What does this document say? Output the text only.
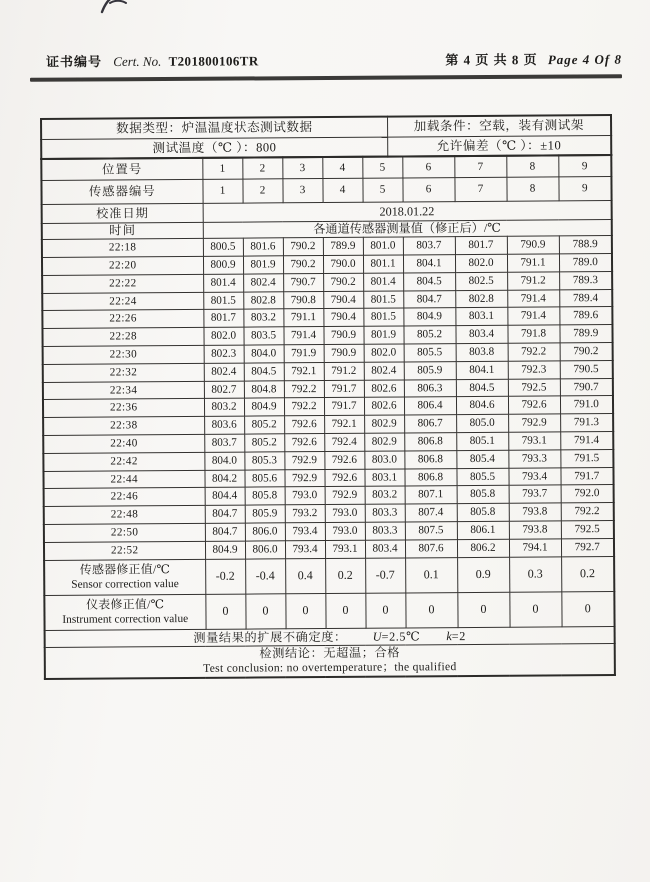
证书编号 Cert. No. T201800106TR	第 4 页 共 8 页 Page 4 Of 8
数据类型：炉温温度状态测试数据	加载条件：空载，装有测试架
测试温度（℃ ）：800	允许偏差（℃ ）：±10
位置号	1	2	3	4	5	6	7	8	9
传感器编号	1	2	3	4	5	6	7	8	9
校准日期	2018.01.22								
时间	各通道传感器测量值（修正后）/℃								
22:18	800.5	801.6	790.2	789.9	801.0	803.7	801.7	790.9	788.9
22:20	800.9	801.9	790.2	790.0	801.1	804.1	802.0	791.1	789.0
22:22	801.4	802.4	790.7	790.2	801.4	804.5	802.5	791.2	789.3
22:24	801.5	802.8	790.8	790.4	801.5	804.7	802.8	791.4	789.4
22:26	801.7	803.2	791.1	790.4	801.5	804.9	803.1	791.4	789.6
22:28	802.0	803.5	791.4	790.9	801.9	805.2	803.4	791.8	789.9
22:30	802.3	804.0	791.9	790.9	802.0	805.5	803.8	792.2	790.2
22:32	802.4	804.5	792.1	791.2	802.4	805.9	804.1	792.3	790.5
22:34	802.7	804.8	792.2	791.7	802.6	806.3	804.5	792.5	790.7
22:36	803.2	804.9	792.2	791.7	802.6	806.4	804.6	792.6	791.0
22:38	803.6	805.2	792.6	792.1	802.9	806.7	805.0	792.9	791.3
22:40	803.7	805.2	792.6	792.4	802.9	806.8	805.1	793.1	791.4
22:42	804.0	805.3	792.9	792.6	803.0	806.8	805.4	793.3	791.5
22:44	804.2	805.6	792.9	792.6	803.1	806.8	805.5	793.4	791.7
22:46	804.4	805.8	793.0	792.9	803.2	807.1	805.8	793.7	792.0
22:48	804.7	805.9	793.2	793.0	803.3	807.4	805.8	793.8	792.2
22:50	804.7	806.0	793.4	793.0	803.3	807.5	806.1	793.8	792.5
22:52	804.9	806.0	793.4	793.1	803.4	807.6	806.2	794.1	792.7

传感器修正值/℃
Sensor correction value	-0.2	-0.4	0.4	0.2	-0.7	0.1	0.9	0.3	0.2

仪表修正值/℃
Instrument correction value	0	0	0	0	0	0	0	0	0
测量结果的扩展不确定度： U=2.5℃ k=2									

检测结论：无超温；合格
Test conclusion: no overtemperature；the qualified									
